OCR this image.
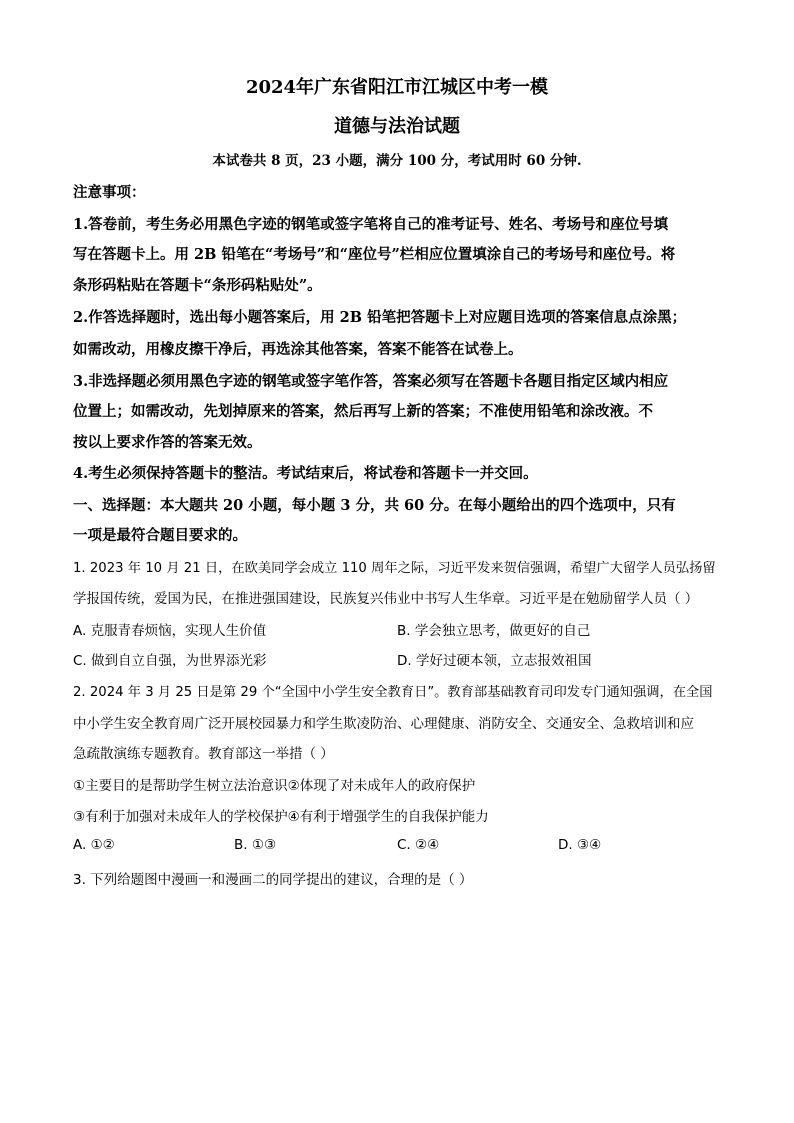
2024年广东省阳江市江城区中考一模
道德与法治试题
本试卷共 8 页，23 小题，满分 100 分，考试用时 60 分钟.
注意事项：
1.答卷前，考生务必用黑色字迹的钢笔或签字笔将自己的准考证号、姓名、考场号和座位号填
写在答题卡上。用 2B 铅笔在“考场号”和“座位号”栏相应位置填涂自己的考场号和座位号。将
条形码粘贴在答题卡“条形码粘贴处”。
2.作答选择题时，选出每小题答案后，用 2B 铅笔把答题卡上对应题目选项的答案信息点涂黑；
如需改动，用橡皮擦干净后，再选涂其他答案，答案不能答在试卷上。
3.非选择题必须用黑色字迹的钢笔或签字笔作答，答案必须写在答题卡各题目指定区域内相应
位置上；如需改动，先划掉原来的答案，然后再写上新的答案；不准使用铅笔和涂改液。不
按以上要求作答的答案无效。
4.考生必须保持答题卡的整洁。考试结束后，将试卷和答题卡一并交回。
一、选择题：本大题共 20 小题，每小题 3 分，共 60 分。在每小题给出的四个选项中，只有
一项是最符合题目要求的。
1. 2023 年 10 月 21 日，在欧美同学会成立 110 周年之际，习近平发来贺信强调，希望广大留学人员弘扬留
学报国传统，爱国为民，在推进强国建设，民族复兴伟业中书写人生华章。习近平是在勉励留学人员（ ）
A. 克服青春烦恼，实现人生价值	B. 学会独立思考，做更好的自己
C. 做到自立自强，为世界添光彩	D. 学好过硬本领，立志报效祖国
2. 2024 年 3 月 25 日是第 29 个“全国中小学生安全教育日”。教育部基础教育司印发专门通知强调，在全国
中小学生安全教育周广泛开展校园暴力和学生欺凌防治、心理健康、消防安全、交通安全、急救培训和应
急疏散演练专题教育。教育部这一举措（ ）
①主要目的是帮助学生树立法治意识②体现了对未成年人的政府保护
③有利于加强对未成年人的学校保护④有利于增强学生的自我保护能力
A. ①②	B. ①③	C. ②④	D. ③④
3. 下列给题图中漫画一和漫画二的同学提出的建议，合理的是（ ）
